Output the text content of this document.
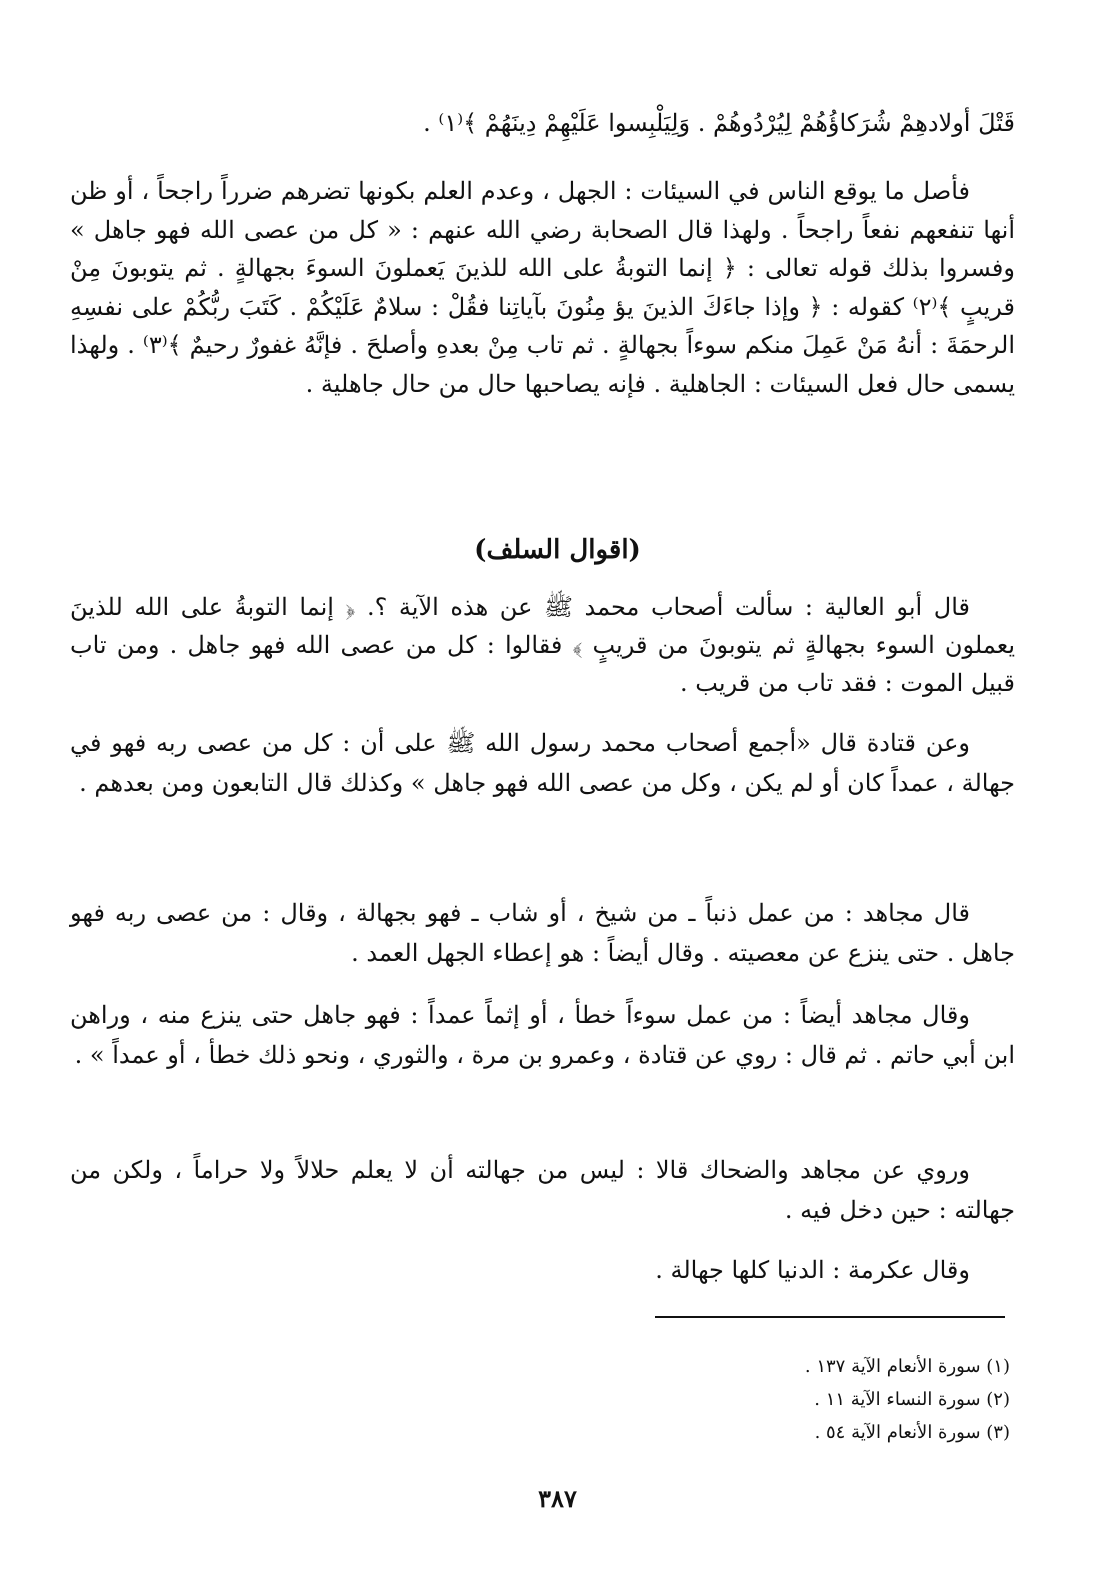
قَتْلَ أولادهِمْ شُرَكاؤُهُمْ لِيُرْدُوهُمْ . وَلِيَلْبِسوا عَلَيْهِمْ دِينَهُمْ ﴾⁽١⁾ .

فأصل ما يوقع الناس في السيئات : الجهل ، وعدم العلم بكونها تضرهم ضرراً راجحاً ، أو ظن أنها تنفعهم نفعاً راجحاً . ولهذا قال الصحابة رضي الله عنهم : « كل من عصى الله فهو جاهل » وفسروا بذلك قوله تعالى : ﴿ إنما التوبةُ على الله للذينَ يَعملونَ السوءَ بجهالةٍ . ثم يتوبونَ مِنْ قريبٍ ﴾⁽٢⁾ كقوله : ﴿ وإذا جاءَكَ الذينَ يؤ مِنُونَ بآياتِنا فقُلْ : سلامٌ عَلَيْكُمْ . كَتَبَ ربُّكُمْ على نفسِهِ الرحمَةَ : أنهُ مَنْ عَمِلَ منكم سوءاً بجهالةٍ . ثم تاب مِنْ بعدهِ وأصلحَ . فإنَّهُ غفورٌ رحيمٌ ﴾⁽٣⁾ . ولهذا يسمى حال فعل السيئات : الجاهلية . فإنه يصاحبها حال من حال جاهلية .

(اقوال السلف)

قال أبو العالية : سألت أصحاب محمد ﷺ عن هذه الآية ؟. ﴿ إنما التوبةُ على الله للذينَ يعملون السوء بجهالةٍ ثم يتوبونَ من قريبٍ ﴾ فقالوا : كل من عصى الله فهو جاهل . ومن تاب قبيل الموت : فقد تاب من قريب .

وعن قتادة قال «أجمع أصحاب محمد رسول الله ﷺ على أن : كل من عصى ربه فهو في جهالة ، عمداً كان أو لم يكن ، وكل من عصى الله فهو جاهل » وكذلك قال التابعون ومن بعدهم .

قال مجاهد : من عمل ذنباً ـ من شيخ ، أو شاب ـ فهو بجهالة ، وقال : من عصى ربه فهو جاهل . حتى ينزع عن معصيته . وقال أيضاً : هو إعطاء الجهل العمد .

وقال مجاهد أيضاً : من عمل سوءاً خطأ ، أو إثماً عمداً : فهو جاهل حتى ينزع منه ، وراهن ابن أبي حاتم . ثم قال : روي عن قتادة ، وعمرو بن مرة ، والثوري ، ونحو ذلك خطأ ، أو عمداً » .

وروي عن مجاهد والضحاك قالا : ليس من جهالته أن لا يعلم حلالاً ولا حراماً ، ولكن من جهالته : حين دخل فيه .

وقال عكرمة : الدنيا كلها جهالة .

(١) سورة الأنعام الآية ١٣٧ .

(٢) سورة النساء الآية ١١ .

(٣) سورة الأنعام الآية ٥٤ .

٣٨٧
